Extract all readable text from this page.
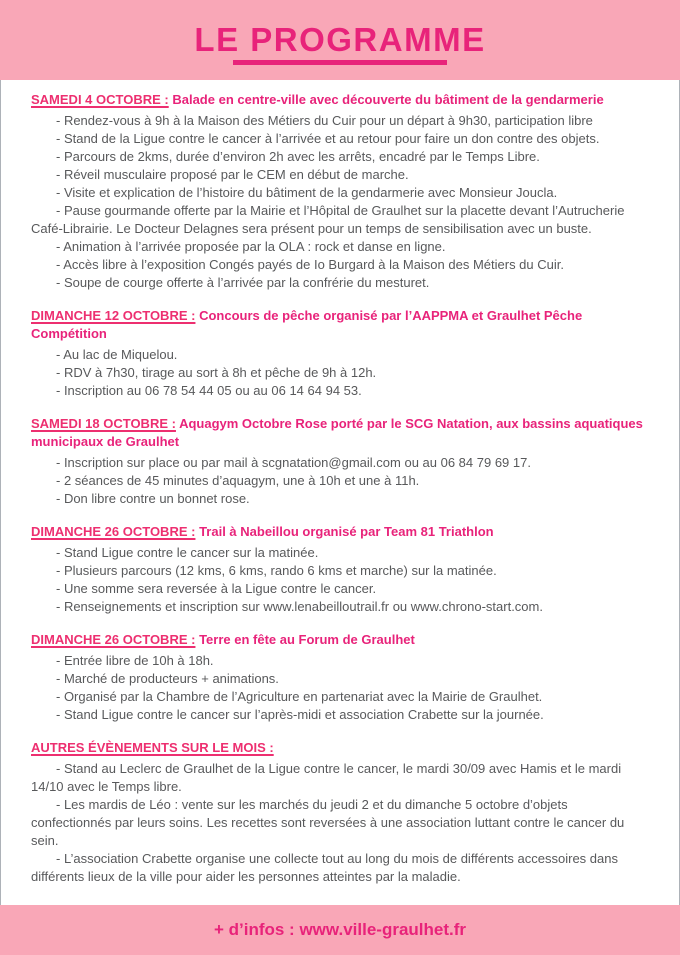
LE PROGRAMME

SAMEDI 4 OCTOBRE : Balade en centre-ville avec découverte du bâtiment de la gendarmerie

- Rendez-vous à 9h à la Maison des Métiers du Cuir pour un départ à 9h30, participation libre

- Stand de la Ligue contre le cancer à l’arrivée et au retour pour faire un don contre des objets.

- Parcours de 2kms, durée d’environ 2h avec les arrêts, encadré par le Temps Libre.

- Réveil musculaire proposé par le CEM en début de marche.

- Visite et explication de l’histoire du bâtiment de la gendarmerie avec Monsieur Joucla.

- Pause gourmande offerte par la Mairie et l’Hôpital de Graulhet sur la placette devant l’Autrucherie Café-Librairie. Le Docteur Delagnes sera présent pour un temps de sensibilisation avec un buste.

- Animation à l’arrivée proposée par la OLA : rock et danse en ligne.

- Accès libre à l’exposition Congés payés de Io Burgard à la Maison des Métiers du Cuir.

- Soupe de courge offerte à l’arrivée par la confrérie du mesturet.

DIMANCHE 12 OCTOBRE : Concours de pêche organisé par l’AAPPMA et Graulhet Pêche Compétition

- Au lac de Miquelou.

- RDV à 7h30, tirage au sort à 8h et pêche de 9h à 12h.

- Inscription au 06 78 54 44 05 ou au 06 14 64 94 53.

SAMEDI 18 OCTOBRE : Aquagym Octobre Rose porté par le SCG Natation, aux bassins aquatiques municipaux de Graulhet

- Inscription sur place ou par mail à scgnatation@gmail.com ou au 06 84 79 69 17.

- 2 séances de 45 minutes d’aquagym, une à 10h et une à 11h.

- Don libre contre un bonnet rose.

DIMANCHE 26 OCTOBRE : Trail à Nabeillou organisé par Team 81 Triathlon

- Stand Ligue contre le cancer sur la matinée.

- Plusieurs parcours (12 kms, 6 kms, rando 6 kms et marche) sur la matinée.

- Une somme sera reversée à la Ligue contre le cancer.

- Renseignements et inscription sur www.lenabeilloutrail.fr ou www.chrono-start.com.

DIMANCHE 26 OCTOBRE : Terre en fête au Forum de Graulhet

- Entrée libre de 10h à 18h.

- Marché de producteurs + animations.

- Organisé par la Chambre de l’Agriculture en partenariat avec la Mairie de Graulhet.

- Stand Ligue contre le cancer sur l’après-midi et association Crabette sur la journée.

AUTRES ÉVÈNEMENTS SUR LE MOIS :

- Stand au Leclerc de Graulhet de la Ligue contre le cancer, le mardi 30/09 avec Hamis et le mardi 14/10 avec le Temps libre.

- Les mardis de Léo : vente sur les marchés du jeudi 2 et du dimanche 5 octobre d’objets confectionnés par leurs soins. Les recettes sont reversées à une association luttant contre le cancer du sein.

- L’association Crabette organise une collecte tout au long du mois de différents accessoires dans différents lieux de la ville pour aider les personnes atteintes par la maladie.

+ d’infos : www.ville-graulhet.fr
